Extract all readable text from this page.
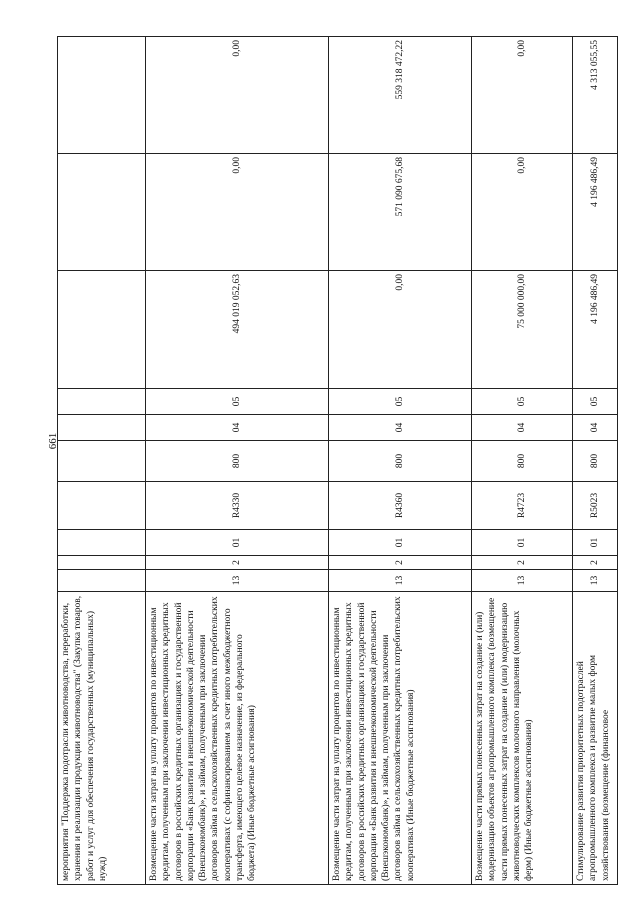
661
мероприятия "Поддержка подотрасли животноводства, переработки, хранения и реализации продукции животноводства" (Закупка товаров, работ и услуг для обеспечения государственных (муниципальных) нужд)										
Возмещение части затрат на уплату процентов по инвестиционным кредитам, полученным при заключении инвестиционных кредитных договоров в российских кредитных организациях и государственной корпорации «Банк развития и внешнеэкономической деятельности (Внешэкономбанк)», и займам, полученным при заключении договоров займа в сельскохозяйственных кредитных потребительских кооперативах (с софинансированием за счет иного межбюджетного трансферта, имеющего целевое назначение, из федерального бюджета) (Иные бюджетные ассигнования)	13	2	01	R4330	800	04	05	494 019 052,63	0,00	0,00
Возмещение части затрат на уплату процентов по инвестиционным кредитам, полученным при заключении инвестиционных кредитных договоров в российских кредитных организациях и государственной корпорации «Банк развития и внешнеэкономической деятельности (Внешэкономбанк)», и займам, полученным при заключении договоров займа в сельскохозяйственных кредитных потребительских кооперативах (Иные бюджетные ассигнования)	13	2	01	R4360	800	04	05	0,00	571 090 675,68	559 318 472,22
Возмещение части прямых понесенных затрат на создание и (или) модернизацию объектов агропромышленного комплекса (возмещение части прямых понесенных затрат на создание и (или) модернизацию животноводческих комплексов молочного направления (молочных ферм) (Иные бюджетные ассигнования)	13	2	01	R4723	800	04	05	75 000 000,00	0,00	0,00
Стимулирование развития приоритетных подотраслей агропромышленного комплекса и развитие малых форм хозяйствования (возмещение (финансовое	13	2	01	R5023	800	04	05	4 196 486,49	4 196 486,49	4 313 055,55
